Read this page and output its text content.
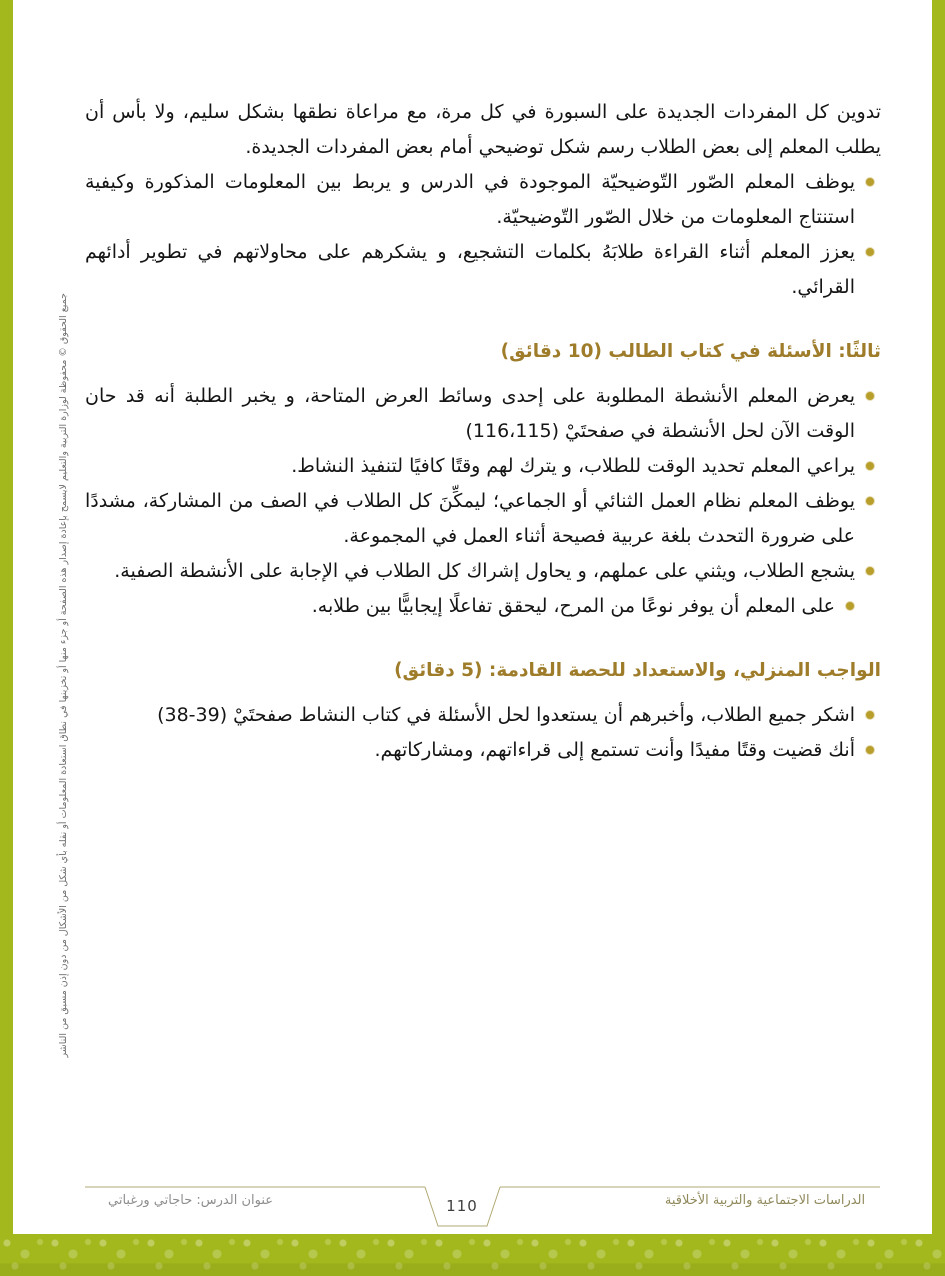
تدوين كل المفردات الجديدة على السبورة في كل مرة، مع مراعاة نطقها بشكل سليم، ولا بأس أن يطلب المعلم إلى بعض الطلاب رسم شكل توضيحي أمام بعض المفردات الجديدة.

يوظف المعلم الصّور التّوضيحيّة الموجودة في الدرس و يربط بين المعلومات المذكورة وكيفية استنتاج المعلومات من خلال الصّور التّوضيحيّة.
يعزز المعلم أثناء القراءة طلابَهُ بكلمات التشجيع، و يشكرهم على محاولاتهم في تطوير أدائهم القرائي.
ثالثًا: الأسئلة في كتاب الطالب (10 دقائق)
يعرض المعلم الأنشطة المطلوبة على إحدى وسائط العرض المتاحة، و يخبر الطلبة أنه قد حان الوقت الآن لحل الأنشطة في صفحتَيْ (116،115)
يراعي المعلم تحديد الوقت للطلاب، و يترك لهم وقتًا كافيًا لتنفيذ النشاط.
يوظف المعلم نظام العمل الثنائي أو الجماعي؛ ليمكِّنَ كل الطلاب في الصف من المشاركة، مشددًا على ضرورة التحدث بلغة عربية فصيحة أثناء العمل في المجموعة.
يشجع الطلاب، ويثني على عملهم، و يحاول إشراك كل الطلاب في الإجابة على الأنشطة الصفية.
على المعلم أن يوفر نوعًا من المرح، ليحقق تفاعلًا إيجابيًّا بين طلابه.
الواجب المنزلي، والاستعداد للحصة القادمة: (5 دقائق)
اشكر جميع الطلاب، وأخبرهم أن يستعدوا لحل الأسئلة في كتاب النشاط صفحتَيْ (39-38)
أنك قضيت وقتًا مفيدًا وأنت تستمع إلى قراءاتهم، ومشاركاتهم.
جميع الحقوق © محفوظة لوزارة التربية والتعليم لايسمح بإعادة إصدار هذه الصفحة أو جزء منها أو تخزينها في نطاق استعادة المعلومات أو نقله بأي شكل من الأشكال من دون إذن مسبق من الناشر
عنوان الدرس: حاجاتي ورغباتي	110	الدراسات الاجتماعية والتربية الأخلاقية
